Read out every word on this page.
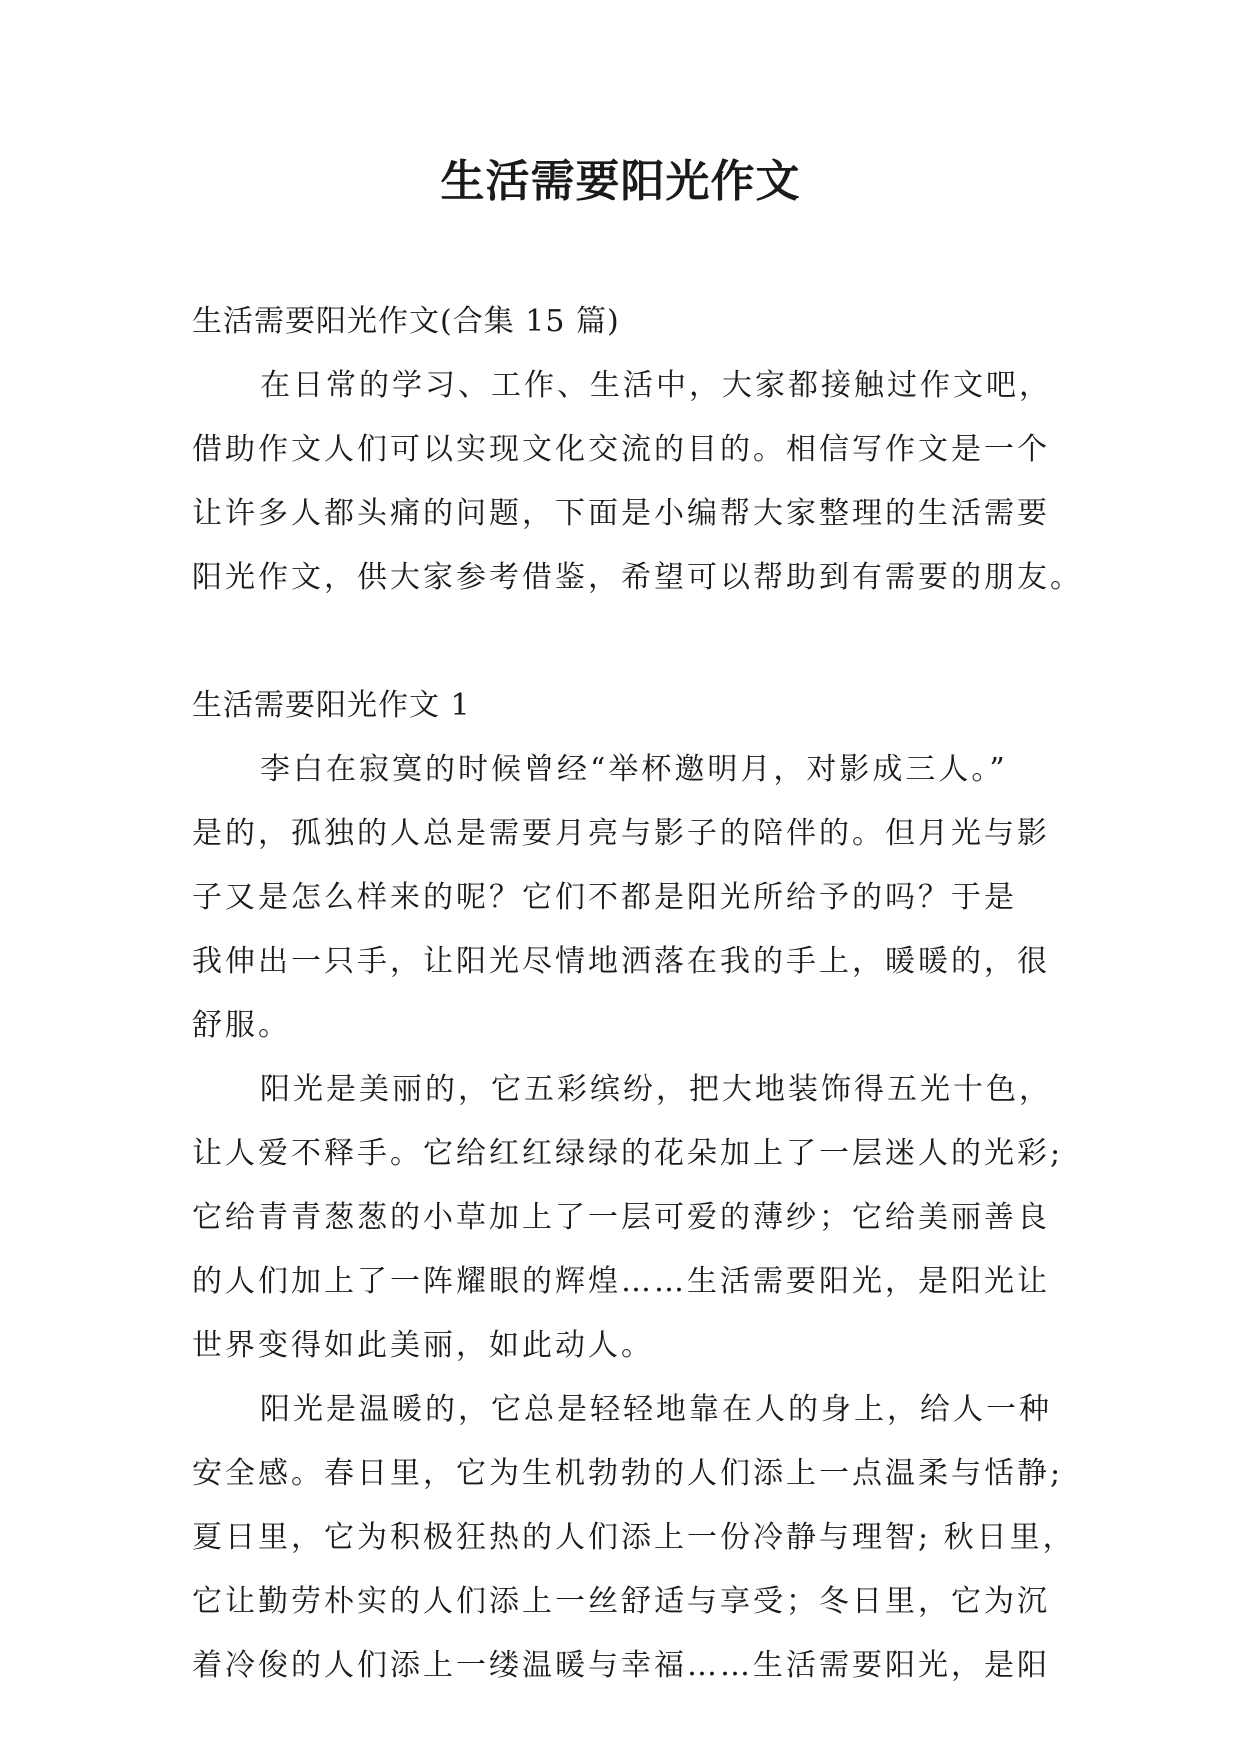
生活需要阳光作文
生活需要阳光作文(合集 15 篇)
在日常的学习、工作、生活中，大家都接触过作文吧，
借助作文人们可以实现文化交流的目的。相信写作文是一个
让许多人都头痛的问题，下面是小编帮大家整理的生活需要
阳光作文，供大家参考借鉴，希望可以帮助到有需要的朋友。
生活需要阳光作文 1
李白在寂寞的时候曾经“举杯邀明月，对影成三人。”
是的，孤独的人总是需要月亮与影子的陪伴的。但月光与影
子又是怎么样来的呢？它们不都是阳光所给予的吗？于是
我伸出一只手，让阳光尽情地洒落在我的手上，暖暖的，很
舒服。
阳光是美丽的，它五彩缤纷，把大地装饰得五光十色，
让人爱不释手。它给红红绿绿的花朵加上了一层迷人的光彩;
它给青青葱葱的小草加上了一层可爱的薄纱；它给美丽善良
的人们加上了一阵耀眼的辉煌……生活需要阳光，是阳光让
世界变得如此美丽，如此动人。
阳光是温暖的，它总是轻轻地靠在人的身上，给人一种
安全感。春日里，它为生机勃勃的人们添上一点温柔与恬静;
夏日里，它为积极狂热的人们添上一份冷静与理智; 秋日里，
它让勤劳朴实的人们添上一丝舒适与享受；冬日里，它为沉
着冷俊的人们添上一缕温暖与幸福……生活需要阳光，是阳
